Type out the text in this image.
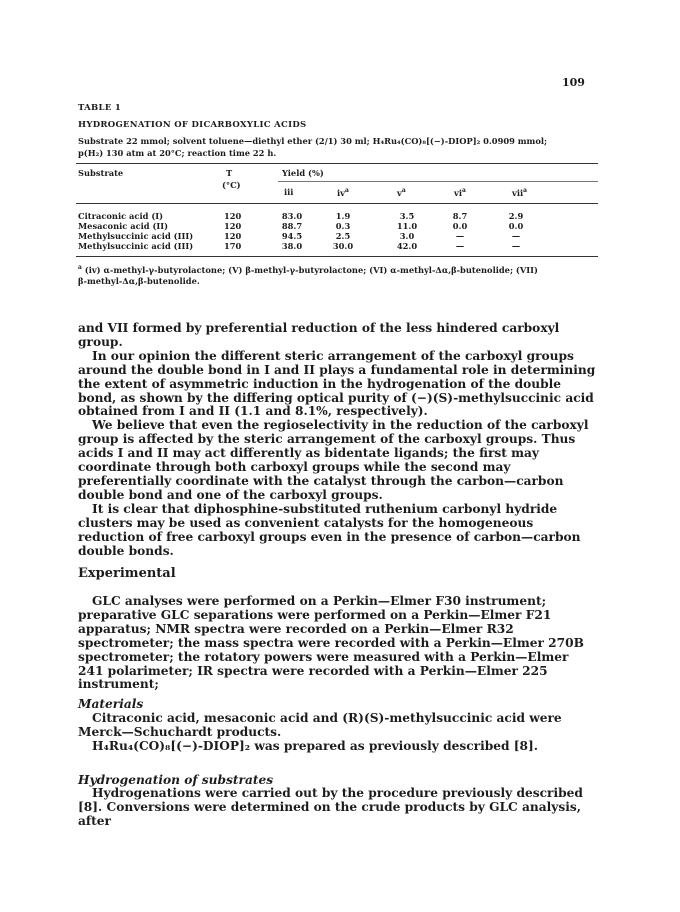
109
TABLE 1
HYDROGENATION OF DICARBOXYLIC ACIDS
Substrate 22 mmol; solvent toluene—diethyl ether (2/1) 30 ml; H₄Ru₄(CO)₈[(−)-DIOP]₂ 0.0909 mmol;
p(H₂) 130 atm at 20°C; reaction time 22 h.
Substrate	T
(°C)
Yield (%)
iii	$iv^a$	$v^a$	$vi^a$	vii$^a$
Citraconic acid (I)	120	83.0	1.9	3.5	8.7	2.9
Mesaconic acid (II)	120	88.7	0.3	11.0	0.0	0.0
Methylsuccinic acid (III)	120	94.5	2.5	3.0	—	—
Methylsuccinic acid (III)	170	38.0	30.0	42.0	—	—
$^a$ (iv) α-methyl-γ-butyrolactone; (V) β-methyl-γ-butyrolactone; (VI) α-methyl-Δα,β-butenolide; (VII)
β-methyl-Δα,β-butenolide.

and VII formed by preferential reduction of the less hindered carboxyl group.

In our opinion the different steric arrangement of the carboxyl groups around the double bond in I and II plays a fundamental role in determining the extent of asymmetric induction in the hydrogenation of the double bond, as shown by the differing optical purity of (−)(S)-methylsuccinic acid obtained from I and II (1.1 and 8.1%, respectively).

We believe that even the regioselectivity in the reduction of the carboxyl group is affected by the steric arrangement of the carboxyl groups. Thus acids I and II may act differently as bidentate ligands; the first may coordinate through both carboxyl groups while the second may preferentially coordinate with the catalyst through the carbon—carbon double bond and one of the carboxyl groups.

It is clear that diphosphine-substituted ruthenium carbonyl hydride clusters may be used as convenient catalysts for the homogeneous reduction of free carboxyl groups even in the presence of carbon—carbon double bonds.

Experimental

GLC analyses were performed on a Perkin—Elmer F30 instrument; preparative GLC separations were performed on a Perkin—Elmer F21 apparatus; NMR spectra were recorded on a Perkin—Elmer R32 spectrometer; the mass spectra were recorded with a Perkin—Elmer 270B spectrometer; the rotatory powers were measured with a Perkin—Elmer 241 polarimeter; IR spectra were recorded with a Perkin—Elmer 225 instrument;

Materials

Citraconic acid, mesaconic acid and (R)(S)-methylsuccinic acid were Merck—Schuchardt products.

H₄Ru₄(CO)₈[(−)-DIOP]₂ was prepared as previously described [8].

Hydrogenation of substrates

Hydrogenations were carried out by the procedure previously described [8]. Conversions were determined on the crude products by GLC analysis, after
